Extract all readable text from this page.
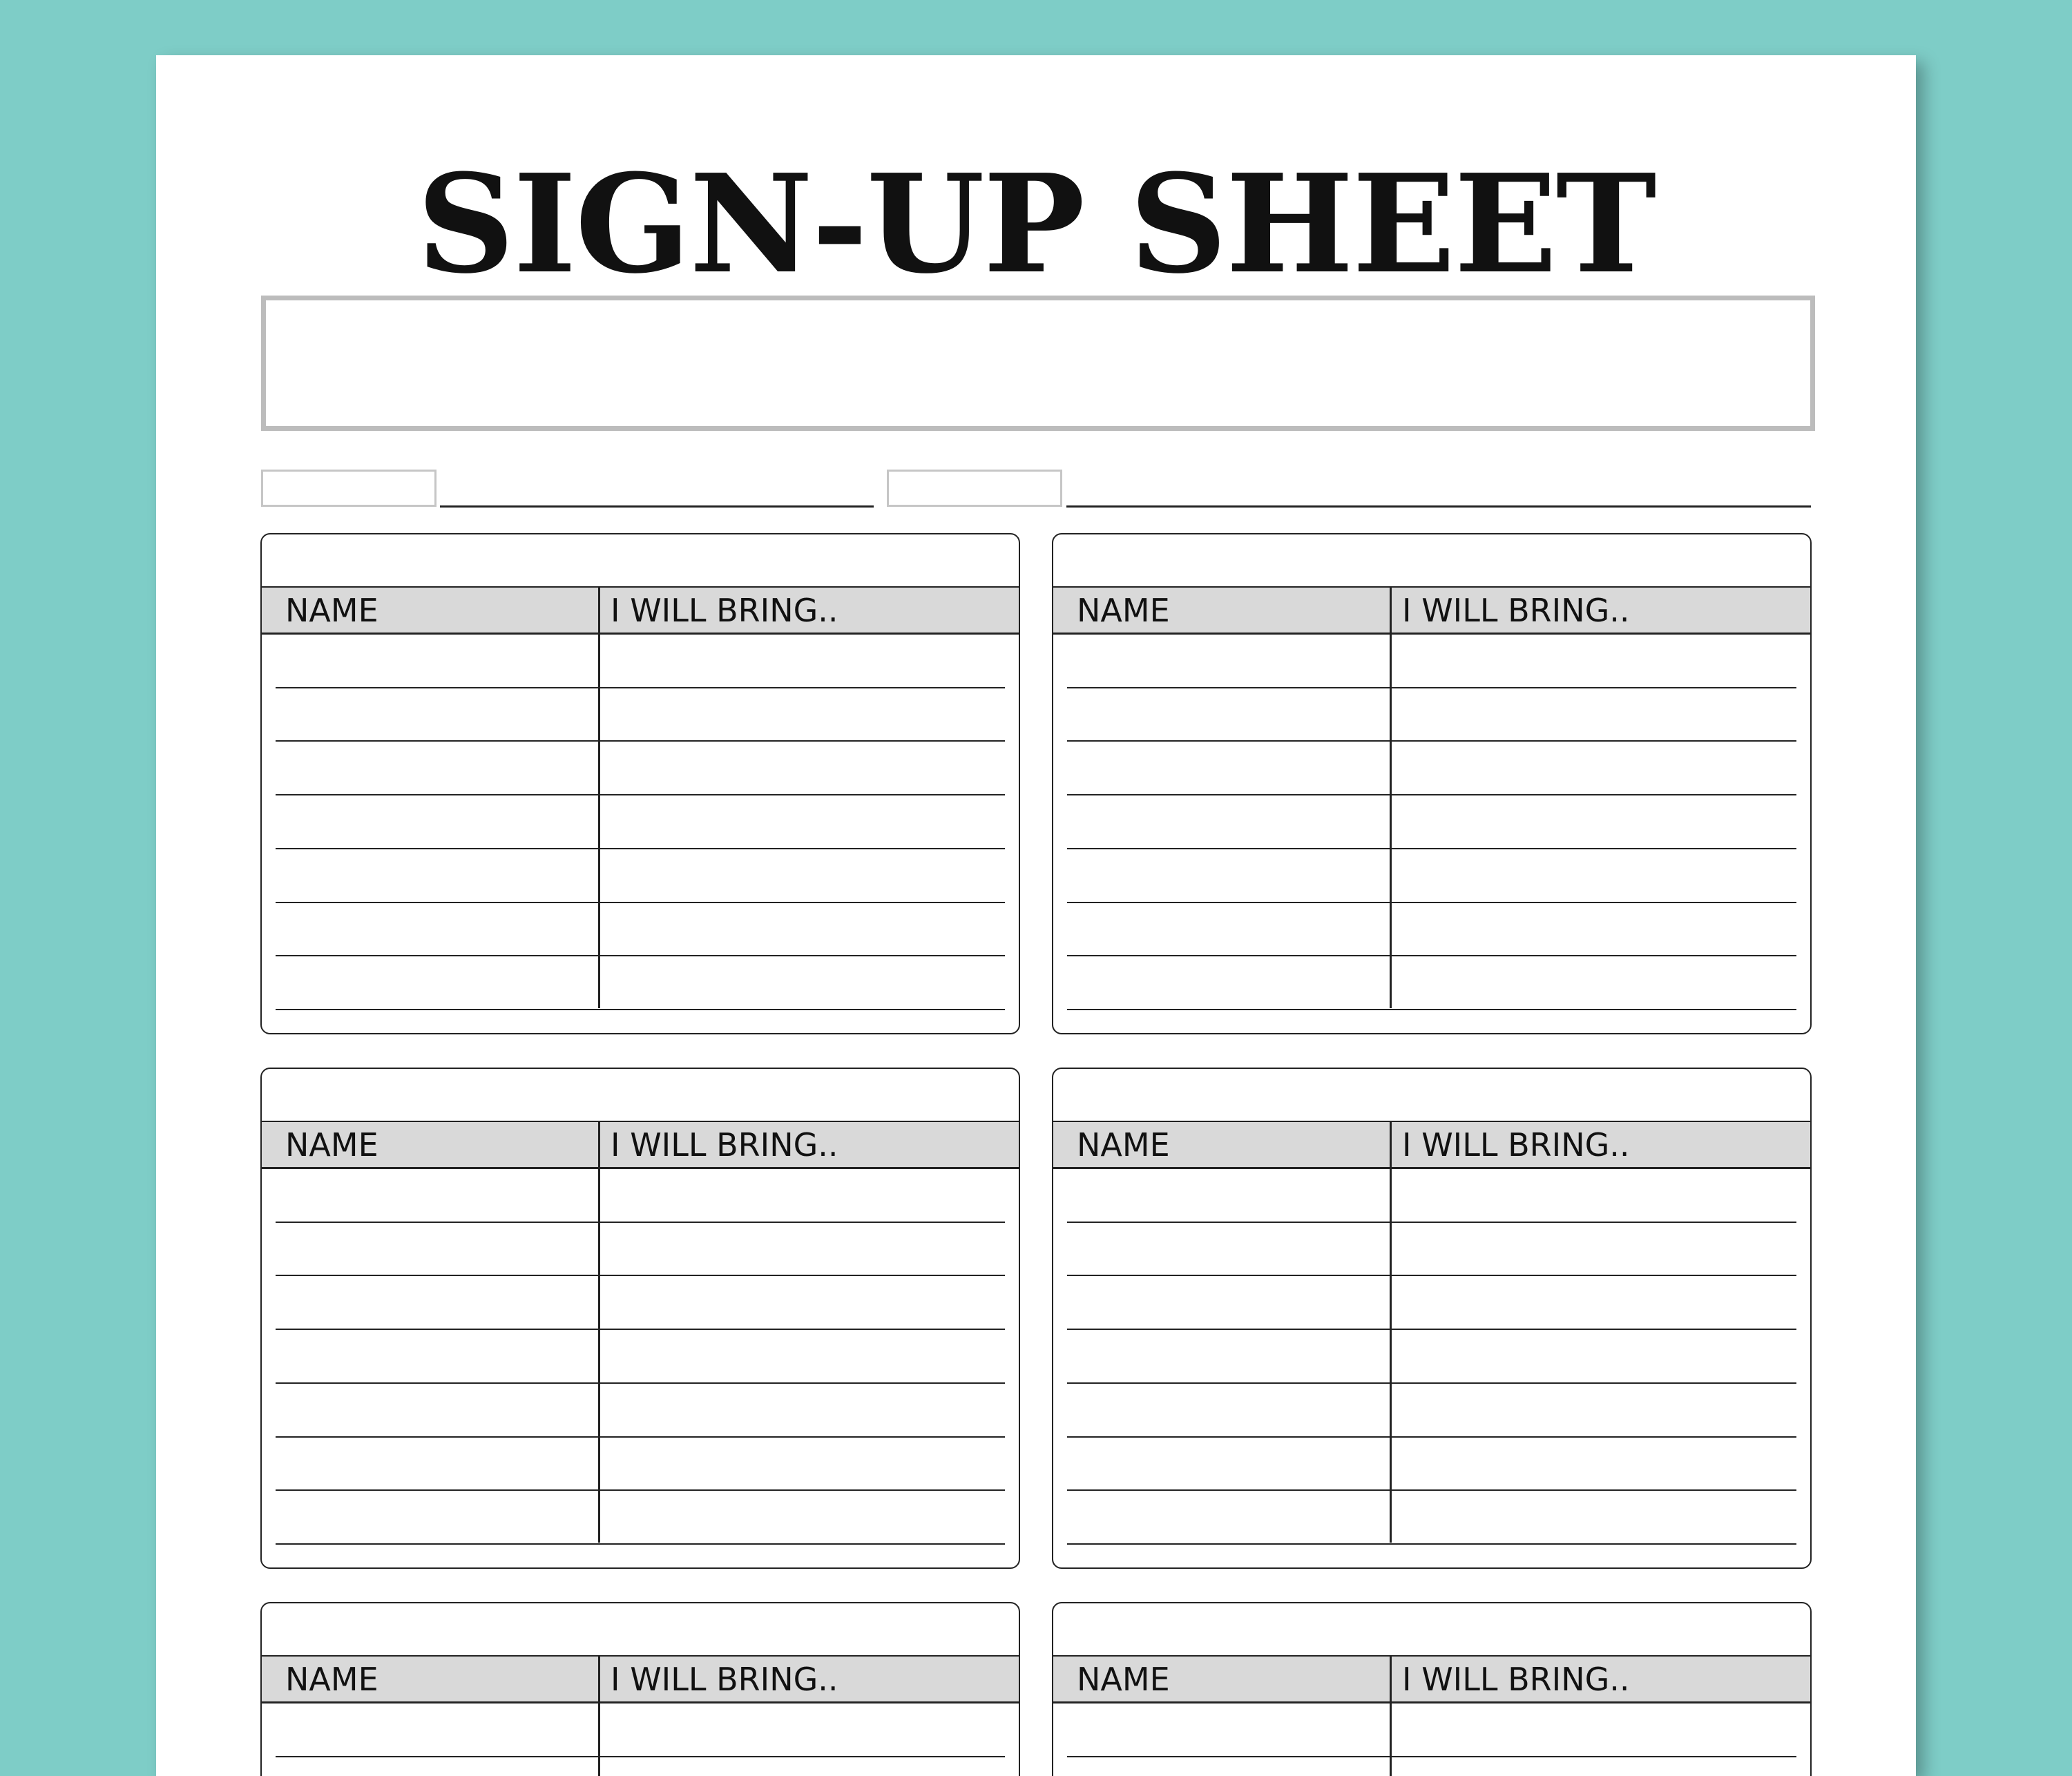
SIGN-UP SHEET
NAME	I WILL BRING..	NAME	I WILL BRING..
NAME	I WILL BRING..	NAME	I WILL BRING..
NAME	I WILL BRING..	NAME	I WILL BRING..
